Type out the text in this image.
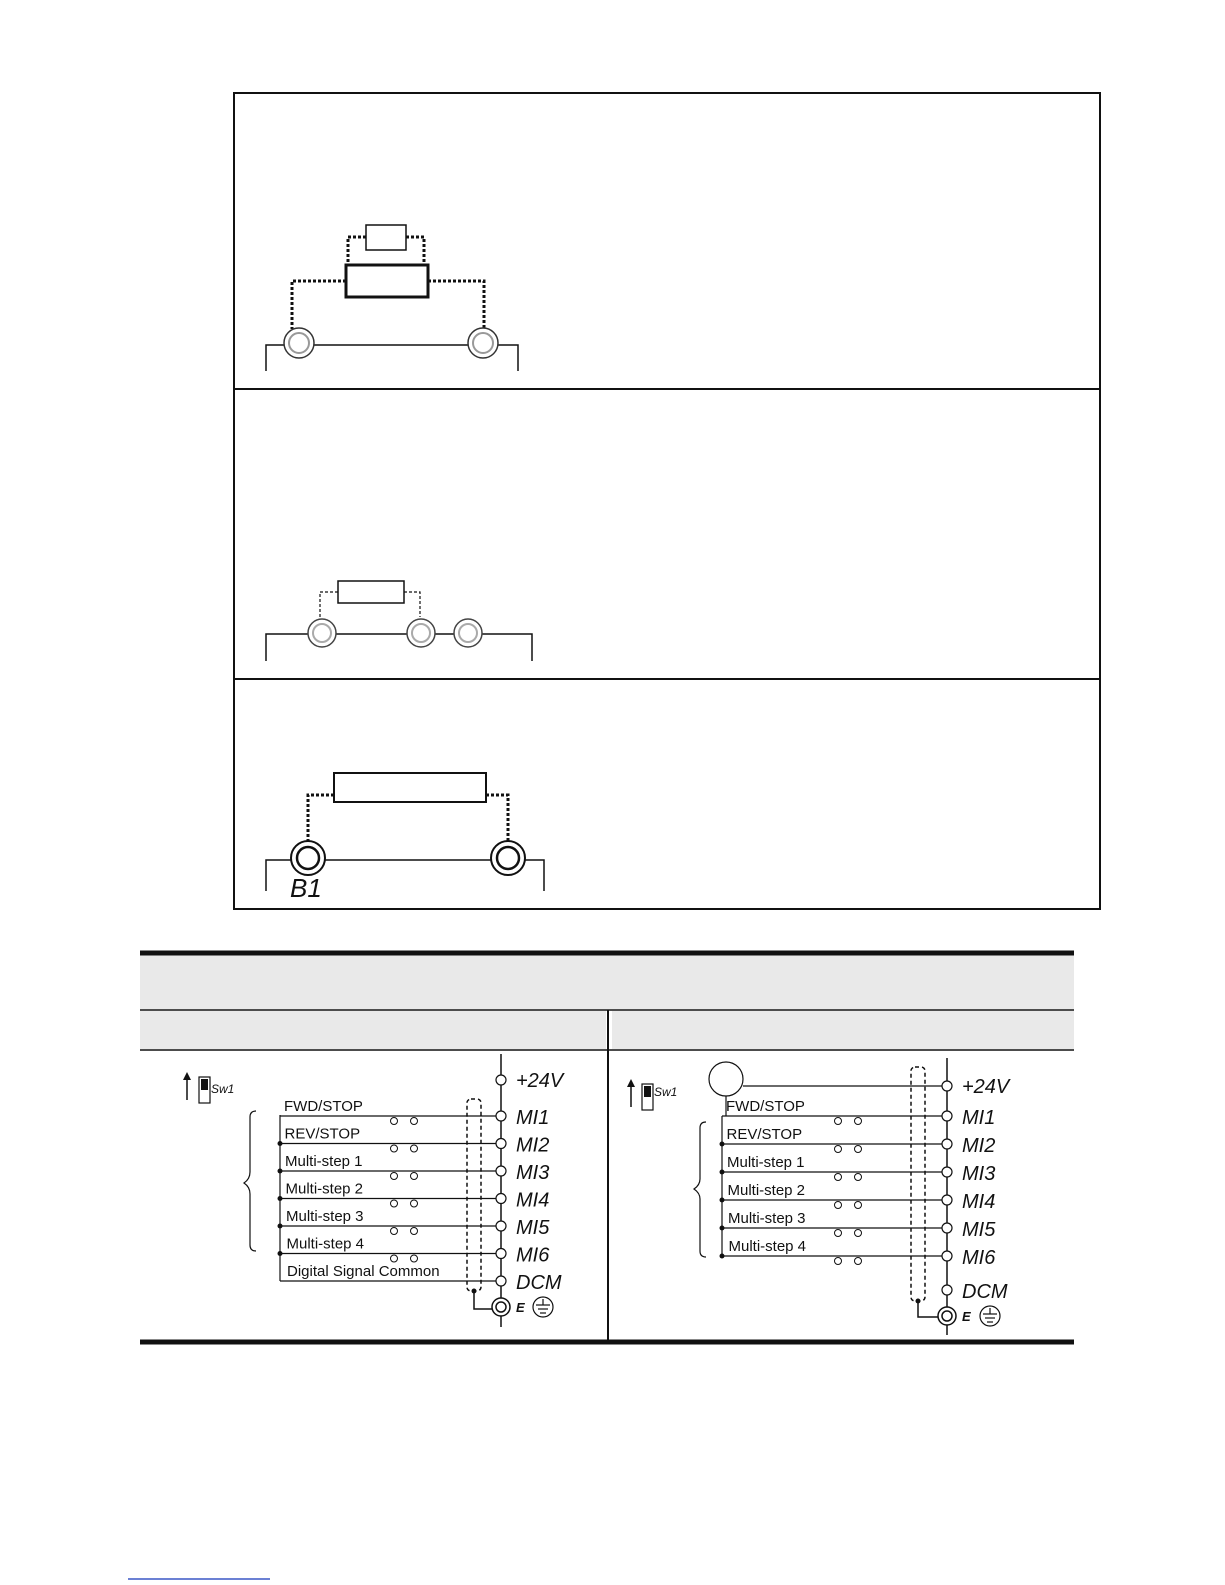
B1
Sw1	+24V
FWD/STOP
MI1
REV/STOP
MI2
Multi-step 1
MI3
Multi-step 2
MI4
Multi-step 3
MI5
Multi-step 4
MI6
Digital Signal Common
DCM
E
Sw1	+24V
FWD/STOP
MI1
REV/STOP
MI2
Multi-step 1
MI3
Multi-step 2
MI4
Multi-step 3
MI5
Multi-step 4
MI6
DCM
E
